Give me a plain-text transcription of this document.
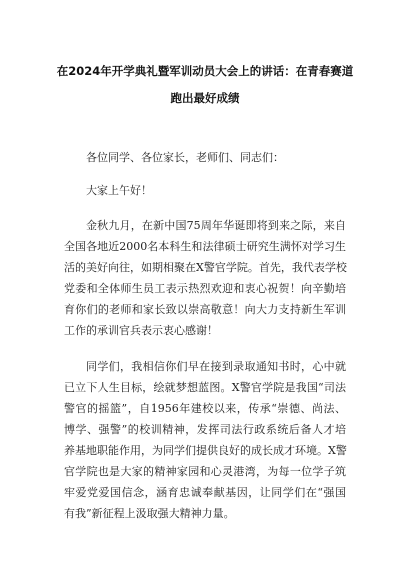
在2024年开学典礼暨军训动员大会上的讲话：在青春赛道
跑出最好成绩
各位同学、各位家长，老师们、同志们：
大家上午好！
金秋九月，在新中国75周年华诞即将到来之际，来自
全国各地近2000名本科生和法律硕士研究生满怀对学习生
活的美好向往，如期相聚在X警官学院。首先，我代表学校
党委和全体师生员工表示热烈欢迎和衷心祝贺！向辛勤培
育你们的老师和家长致以崇高敬意！向大力支持新生军训
工作的承训官兵表示衷心感谢！
同学们，我相信你们早在接到录取通知书时，心中就
已立下人生目标，绘就梦想蓝图。X警官学院是我国“司法
警官的摇篮”，自1956年建校以来，传承“崇德、尚法、
博学、强警”的校训精神，发挥司法行政系统后备人才培
养基地职能作用，为同学们提供良好的成长成才环境。X警
官学院也是大家的精神家园和心灵港湾，为每一位学子筑
牢爱党爱国信念，涵育忠诚奉献基因，让同学们在“强国
有我”新征程上汲取强大精神力量。
